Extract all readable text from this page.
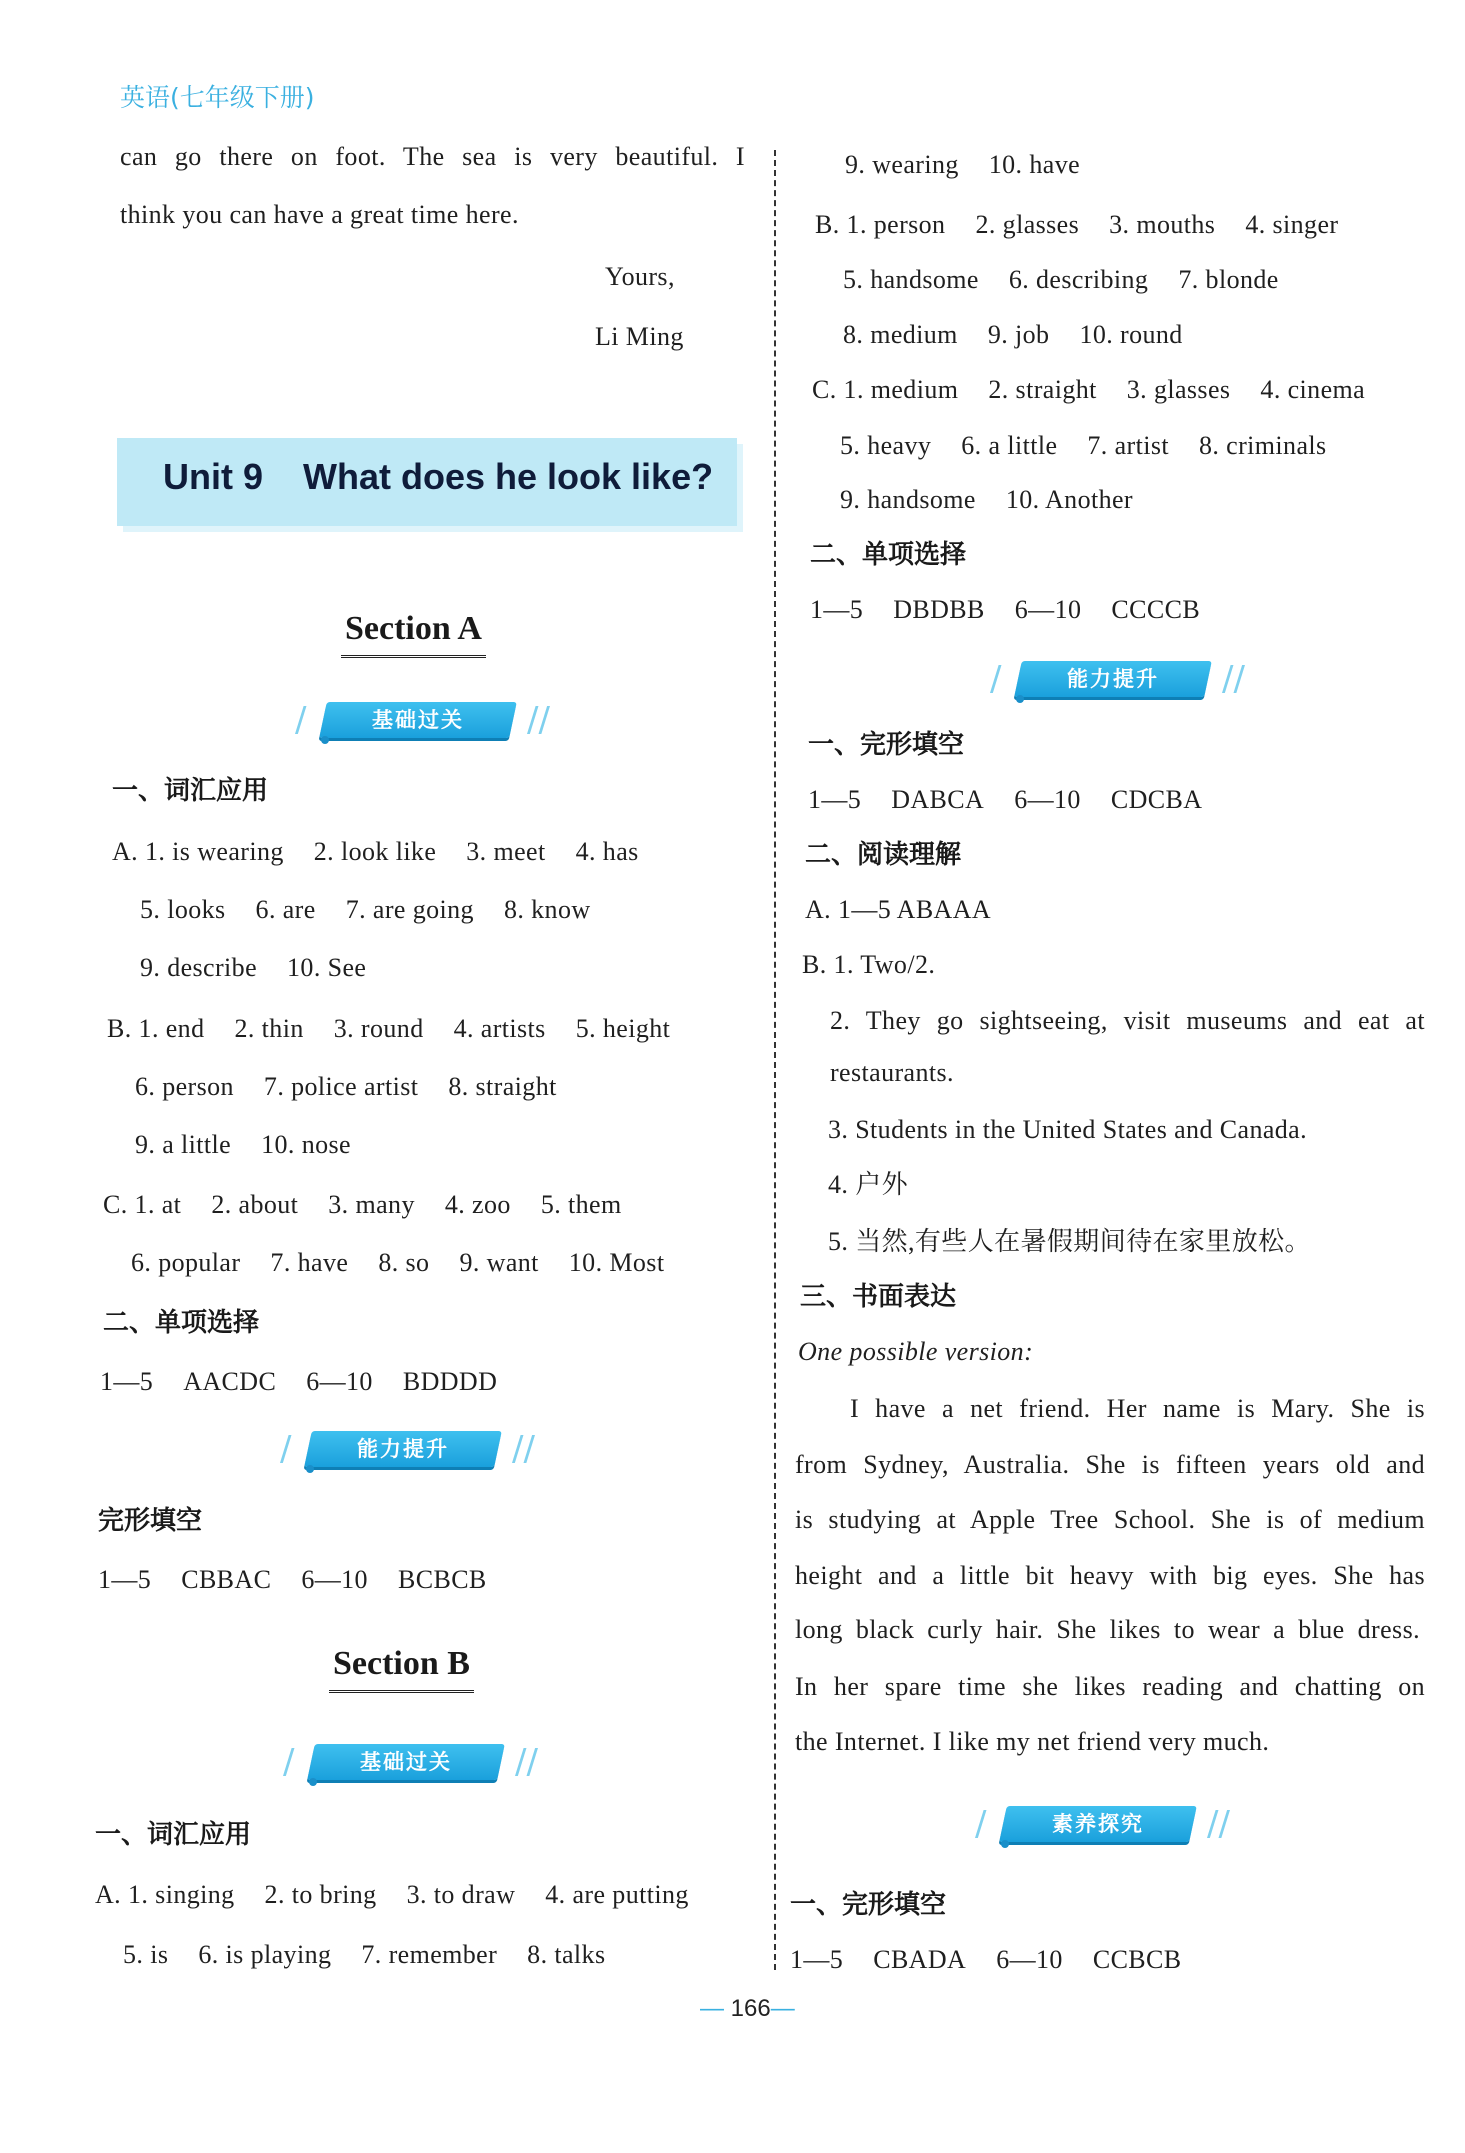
英语(七年级下册)
can go there on foot. The sea is very beautiful. I
think you can have a great time here.
Yours,
Li Ming
Unit 9 What does he look like?
Section A
/	基础过关	//
一、词汇应用
A. 1. is wearing 2. look like 3. meet 4. has
5. looks 6. are 7. are going 8. know
9. describe 10. See
B. 1. end 2. thin 3. round 4. artists 5. height
6. person 7. police artist 8. straight
9. a little 10. nose
C. 1. at 2. about 3. many 4. zoo 5. them
6. popular 7. have 8. so 9. want 10. Most
二、单项选择
1—5 AACDC 6—10 BDDDD
/	能力提升	//
完形填空
1—5 CBBAC 6—10 BCBCB
Section B
/	基础过关	//
一、词汇应用
A. 1. singing 2. to bring 3. to draw 4. are putting
5. is 6. is playing 7. remember 8. talks
9. wearing 10. have
B. 1. person 2. glasses 3. mouths 4. singer
5. handsome 6. describing 7. blonde
8. medium 9. job 10. round
C. 1. medium 2. straight 3. glasses 4. cinema
5. heavy 6. a little 7. artist 8. criminals
9. handsome 10. Another
二、单项选择
1—5 DBDBB 6—10 CCCCB
/	能力提升	//
一、完形填空
1—5 DABCA 6—10 CDCBA
二、阅读理解
A. 1—5 ABAAA
B. 1. Two/2.
2. They go sightseeing, visit museums and eat at
restaurants.
3. Students in the United States and Canada.
4. 户外
5. 当然,有些人在暑假期间待在家里放松。
三、书面表达
One possible version:
I have a net friend. Her name is Mary. She is
from Sydney, Australia. She is fifteen years old and
is studying at Apple Tree School. She is of medium
height and a little bit heavy with big eyes. She has
long black curly hair. She likes to wear a blue dress.
In her spare time she likes reading and chatting on
the Internet. I like my net friend very much.
/	素养探究	//
一、完形填空
1—5 CBADA 6—10 CCBCB
— 166—
